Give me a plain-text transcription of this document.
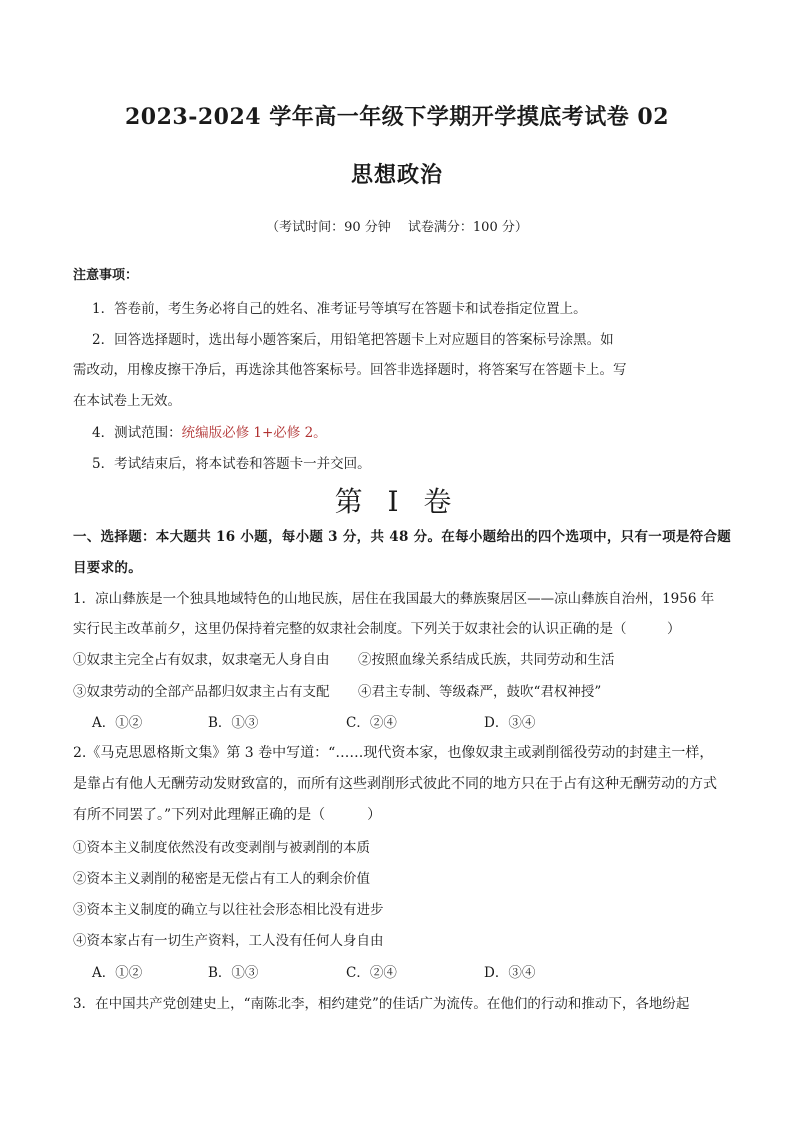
2023-2024 学年高一年级下学期开学摸底考试卷 02
思想政治
（考试时间：90 分钟　 试卷满分：100 分）
注意事项：
1．答卷前，考生务必将自己的姓名、准考证号等填写在答题卡和试卷指定位置上。
2．回答选择题时，选出每小题答案后，用铅笔把答题卡上对应题目的答案标号涂黑。如
需改动，用橡皮擦干净后，再选涂其他答案标号。回答非选择题时，将答案写在答题卡上。写
在本试卷上无效。
4．测试范围：统编版必修 1+必修 2。
5．考试结束后，将本试卷和答题卡一并交回。
第 I 卷
一、选择题：本大题共 16 小题，每小题 3 分，共 48 分。在每小题给出的四个选项中，只有一项是符合题
目要求的。
1．凉山彝族是一个独具地域特色的山地民族，居住在我国最大的彝族聚居区——凉山彝族自治州，1956 年
实行民主改革前夕，这里仍保持着完整的奴隶社会制度。下列关于奴隶社会的认识正确的是（　　　）
①奴隶主完全占有奴隶，奴隶毫无人身自由 ②按照血缘关系结成氏族，共同劳动和生活
③奴隶劳动的全部产品都归奴隶主占有支配 ④君主专制、等级森严，鼓吹“君权神授”
A．①②	B．①③	C．②④	D．③④
2.《马克思恩格斯文集》第 3 卷中写道：“……现代资本家，也像奴隶主或剥削徭役劳动的封建主一样，
是靠占有他人无酬劳动发财致富的，而所有这些剥削形式彼此不同的地方只在于占有这种无酬劳动的方式
有所不同罢了。”下列对此理解正确的是（　　　）
①资本主义制度依然没有改变剥削与被剥削的本质
②资本主义剥削的秘密是无偿占有工人的剩余价值
③资本主义制度的确立与以往社会形态相比没有进步
④资本家占有一切生产资料，工人没有任何人身自由
A．①②	B．①③	C．②④	D．③④
3．在中国共产党创建史上，“南陈北李，相约建党”的佳话广为流传。在他们的行动和推动下，各地纷起
